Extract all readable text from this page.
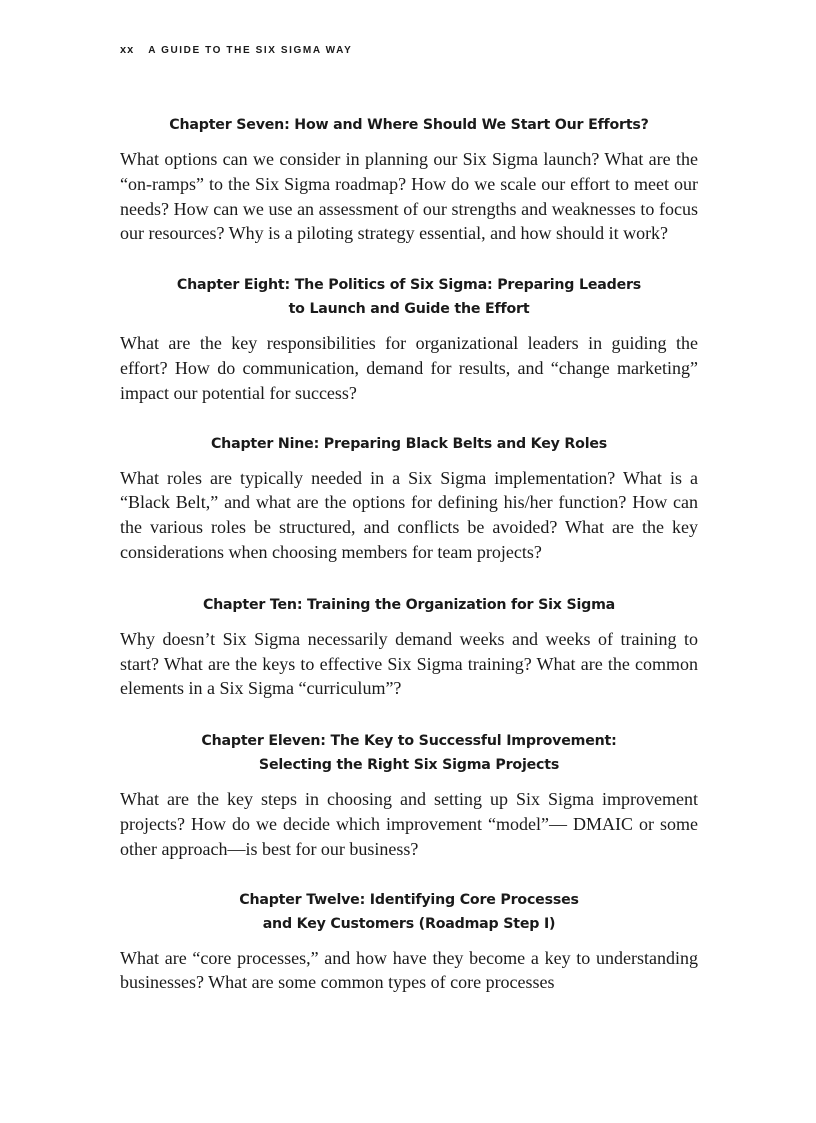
xx A GUIDE TO THE SIX SIGMA WAY
Chapter Seven: How and Where Should We Start Our Efforts?

What options can we consider in planning our Six Sigma launch? What are the “on-ramps” to the Six Sigma roadmap? How do we scale our effort to meet our needs? How can we use an assessment of our strengths and weaknesses to focus our resources? Why is a piloting strategy essential, and how should it work?

Chapter Eight: The Politics of Six Sigma: Preparing Leaders
to Launch and Guide the Effort

What are the key responsibilities for organizational leaders in guiding the effort? How do communication, demand for results, and “change marketing” impact our potential for success?

Chapter Nine: Preparing Black Belts and Key Roles

What roles are typically needed in a Six Sigma implementation? What is a “Black Belt,” and what are the options for defining his/her function? How can the various roles be structured, and conflicts be avoided? What are the key considerations when choosing members for team projects?

Chapter Ten: Training the Organization for Six Sigma

Why doesn’t Six Sigma necessarily demand weeks and weeks of training to start? What are the keys to effective Six Sigma training? What are the common elements in a Six Sigma “curriculum”?

Chapter Eleven: The Key to Successful Improvement:
Selecting the Right Six Sigma Projects

What are the key steps in choosing and setting up Six Sigma improvement projects? How do we decide which improvement “model”— DMAIC or some other approach—is best for our business?

Chapter Twelve: Identifying Core Processes
and Key Customers (Roadmap Step I)

What are “core processes,” and how have they become a key to understanding businesses? What are some common types of core processes
